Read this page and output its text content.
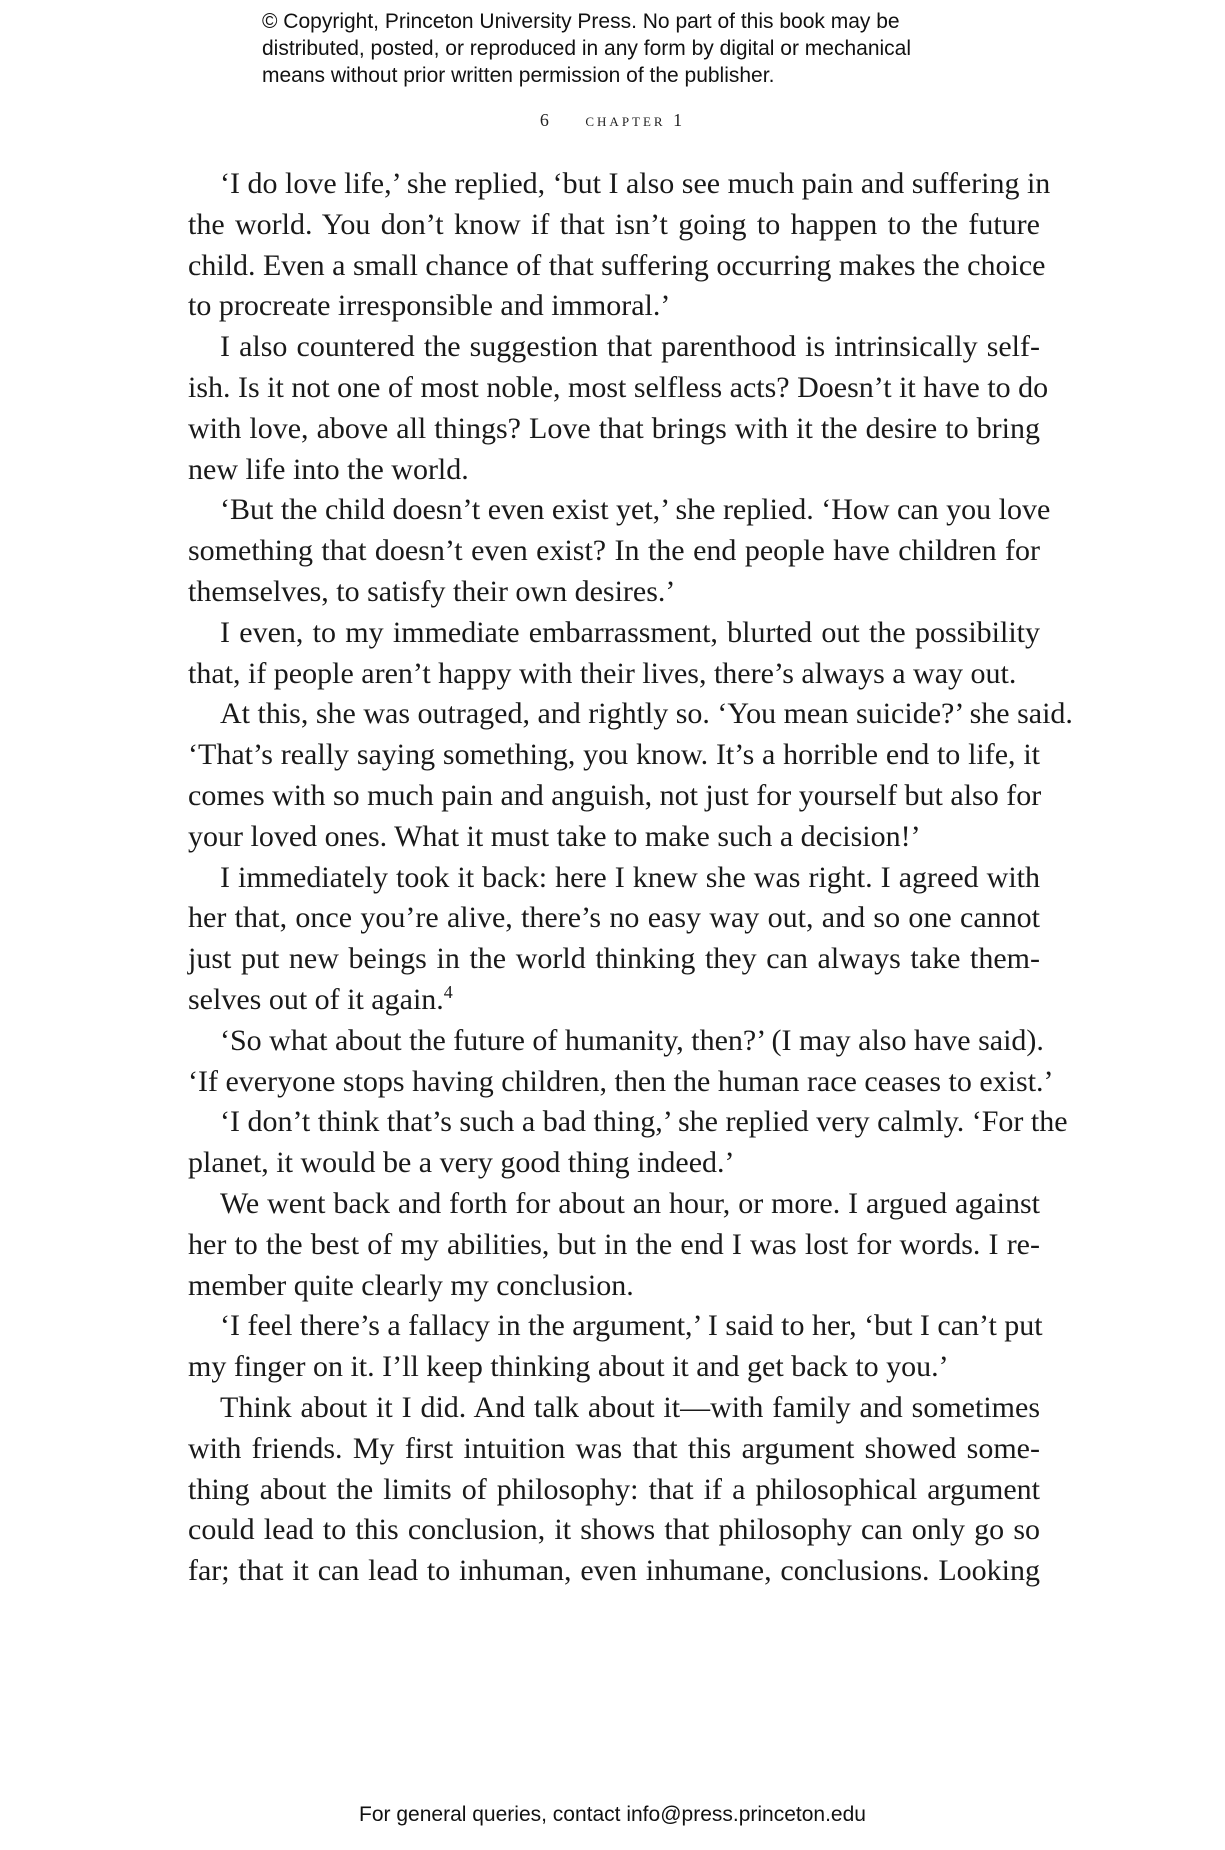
© Copyright, Princeton University Press. No part of this book may be
distributed, posted, or reproduced in any form by digital or mechanical
means without prior written permission of the publisher.
6 chapter 1
‘I do love life,’ she replied, ‘but I also see much pain and suffering in
the world. You don’t know if that isn’t going to happen to the future
child. Even a small chance of that suffering occurring makes the choice
to procreate irresponsible and immoral.’
I also countered the suggestion that parenthood is intrinsically self-
ish. Is it not one of most noble, most selfless acts? Doesn’t it have to do
with love, above all things? Love that brings with it the desire to bring
new life into the world.
‘But the child doesn’t even exist yet,’ she replied. ‘How can you love
something that doesn’t even exist? In the end people have children for
themselves, to satisfy their own desires.’
I even, to my immediate embarrassment, blurted out the possibility
that, if people aren’t happy with their lives, there’s always a way out.
At this, she was outraged, and rightly so. ‘You mean suicide?’ she said.
‘That’s really saying something, you know. It’s a horrible end to life, it
comes with so much pain and anguish, not just for yourself but also for
your loved ones. What it must take to make such a decision!’
I immediately took it back: here I knew she was right. I agreed with
her that, once you’re alive, there’s no easy way out, and so one cannot
just put new beings in the world thinking they can always take them-
selves out of it again.$^4$
‘So what about the future of humanity, then?’ (I may also have said).
‘If everyone stops having children, then the human race ceases to exist.’
‘I don’t think that’s such a bad thing,’ she replied very calmly. ‘For the
planet, it would be a very good thing indeed.’
We went back and forth for about an hour, or more. I argued against
her to the best of my abilities, but in the end I was lost for words. I re-
member quite clearly my conclusion.
‘I feel there’s a fallacy in the argument,’ I said to her, ‘but I can’t put
my finger on it. I’ll keep thinking about it and get back to you.’
Think about it I did. And talk about it—with family and sometimes
with friends. My first intuition was that this argument showed some-
thing about the limits of philosophy: that if a philosophical argument
could lead to this conclusion, it shows that philosophy can only go so
far; that it can lead to inhuman, even inhumane, conclusions. Looking
For general queries, contact info@press.princeton.edu
